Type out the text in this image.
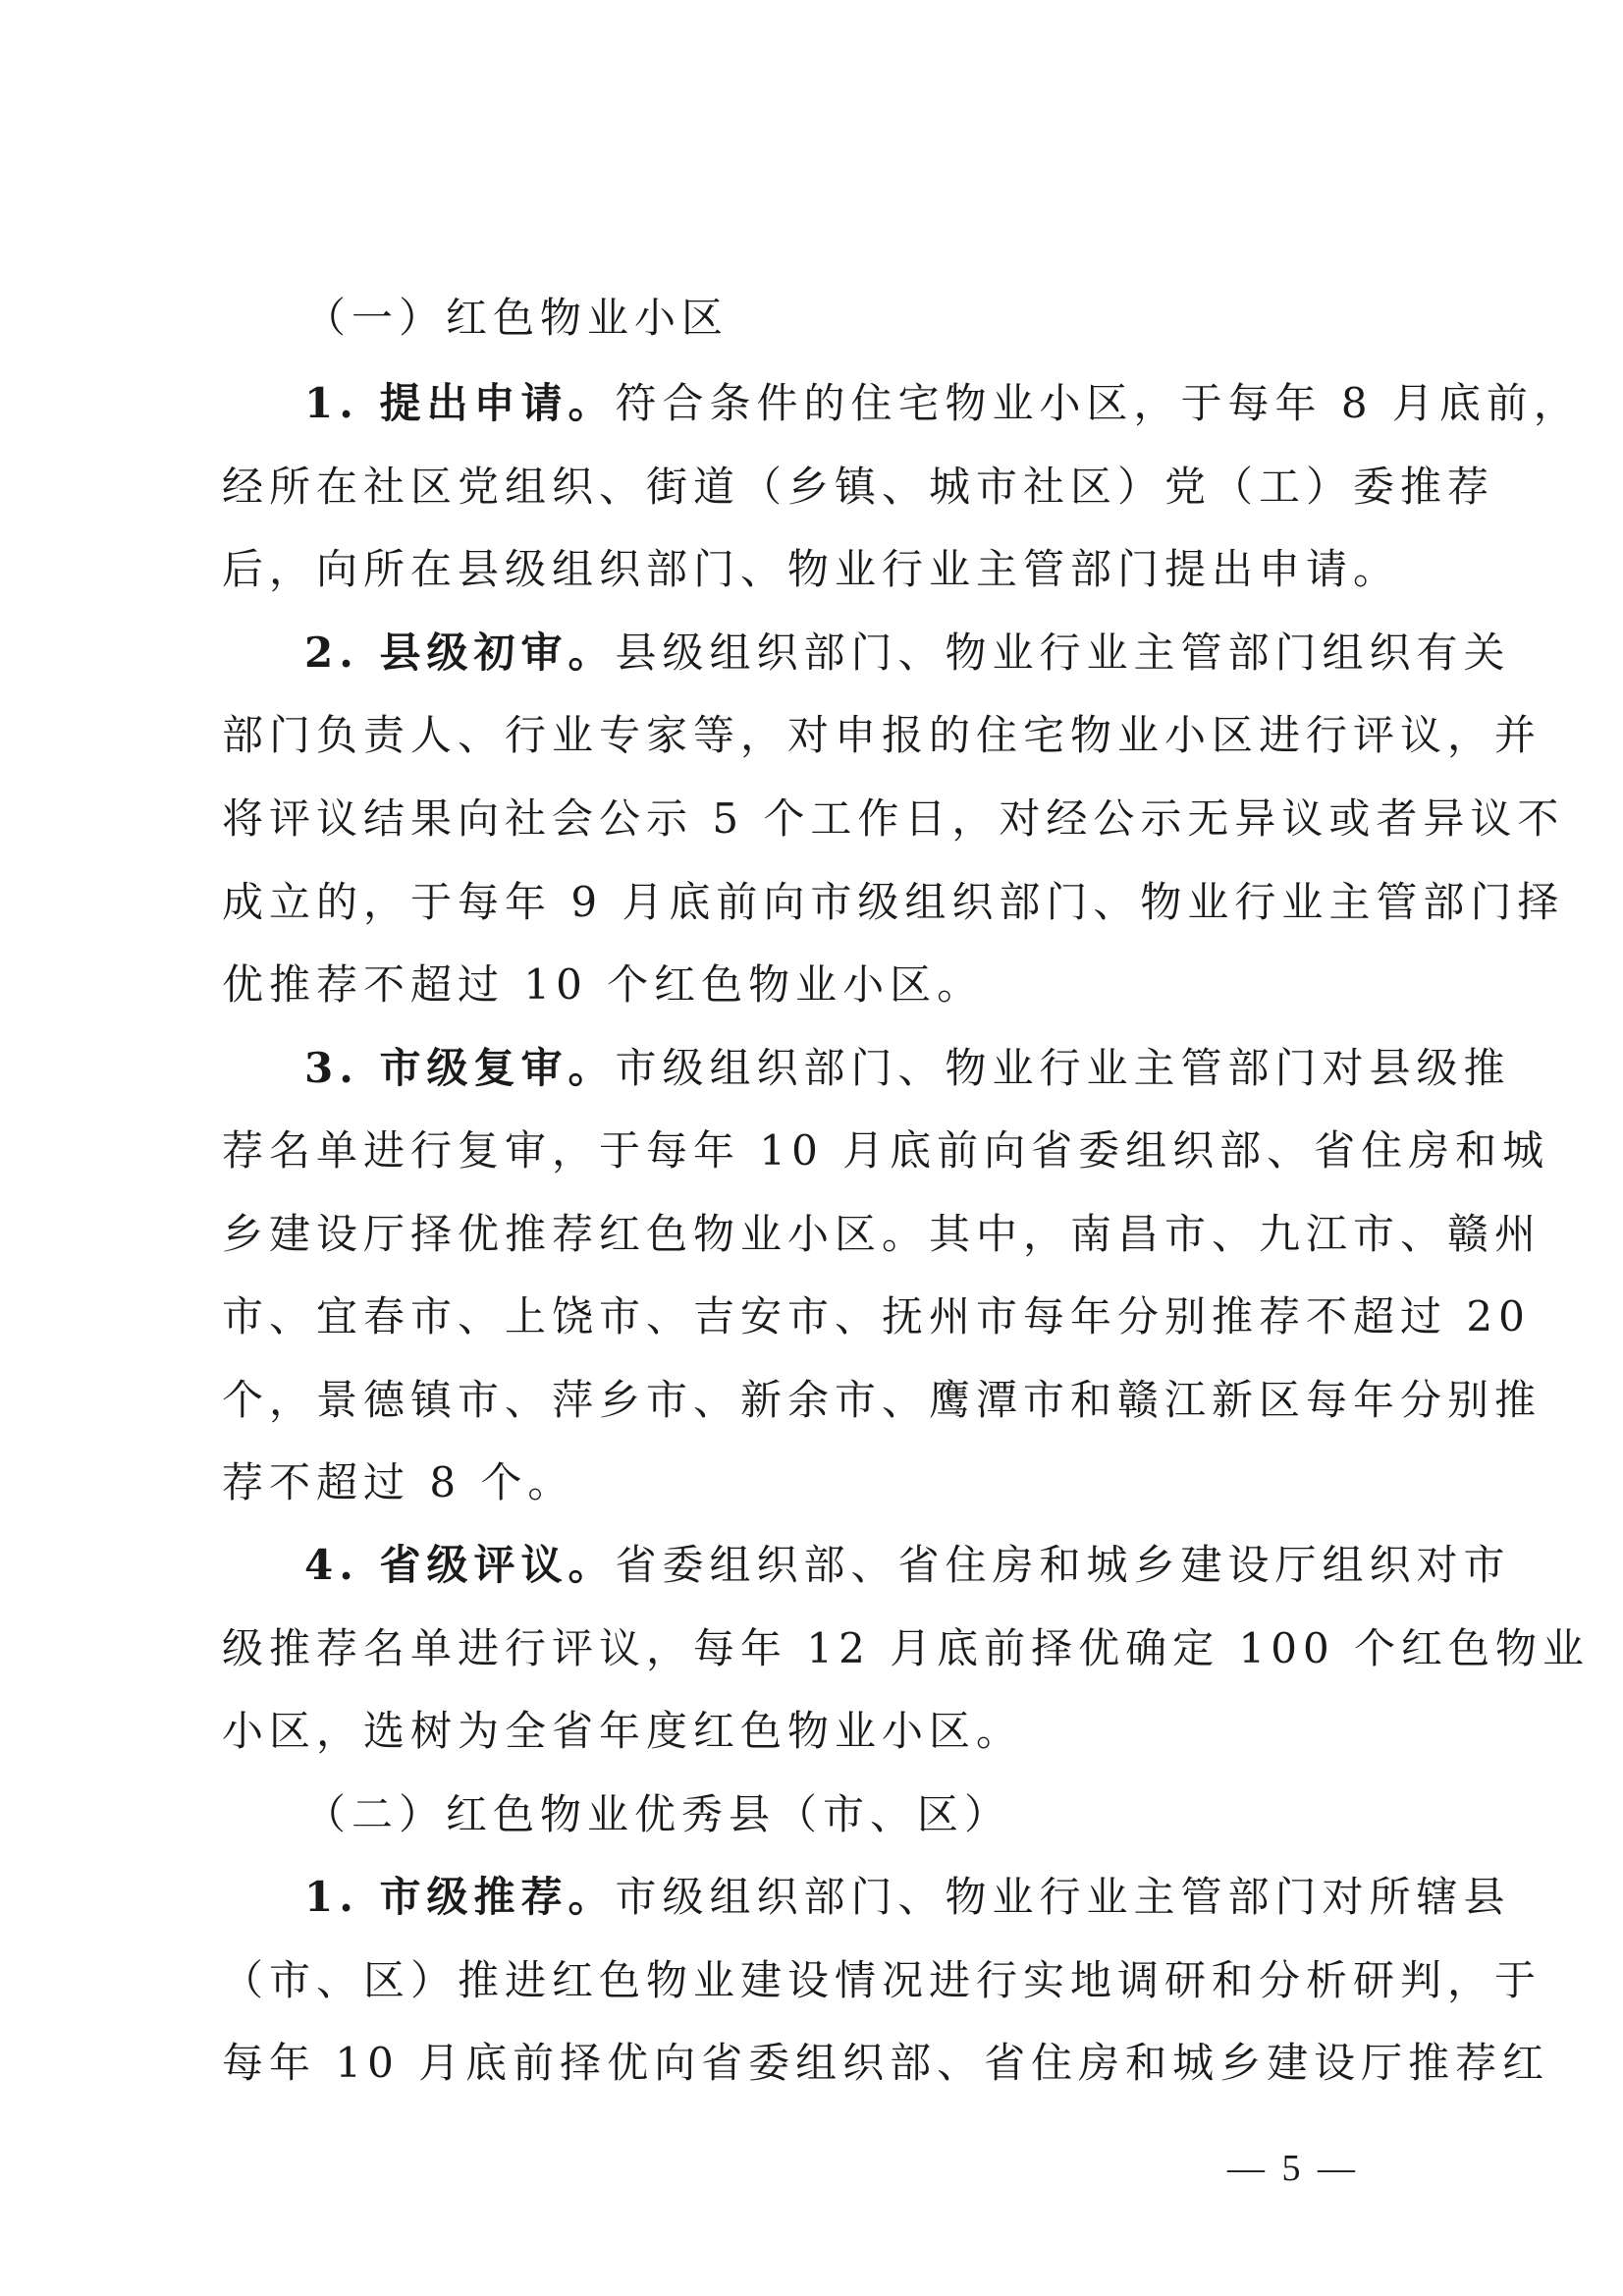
（一）红色物业小区
1. 提出申请。符合条件的住宅物业小区，于每年 8 月底前，
经所在社区党组织、街道（乡镇、城市社区）党（工）委推荐
后，向所在县级组织部门、物业行业主管部门提出申请。
2. 县级初审。县级组织部门、物业行业主管部门组织有关
部门负责人、行业专家等，对申报的住宅物业小区进行评议，并
将评议结果向社会公示 5 个工作日，对经公示无异议或者异议不
成立的，于每年 9 月底前向市级组织部门、物业行业主管部门择
优推荐不超过 10 个红色物业小区。
3. 市级复审。市级组织部门、物业行业主管部门对县级推
荐名单进行复审，于每年 10 月底前向省委组织部、省住房和城
乡建设厅择优推荐红色物业小区。其中，南昌市、九江市、赣州
市、宜春市、上饶市、吉安市、抚州市每年分别推荐不超过 20
个，景德镇市、萍乡市、新余市、鹰潭市和赣江新区每年分别推
荐不超过 8 个。
4. 省级评议。省委组织部、省住房和城乡建设厅组织对市
级推荐名单进行评议，每年 12 月底前择优确定 100 个红色物业
小区，选树为全省年度红色物业小区。
（二）红色物业优秀县（市、区）
1. 市级推荐。市级组织部门、物业行业主管部门对所辖县
（市、区）推进红色物业建设情况进行实地调研和分析研判，于
每年 10 月底前择优向省委组织部、省住房和城乡建设厅推荐红
— 5 —
